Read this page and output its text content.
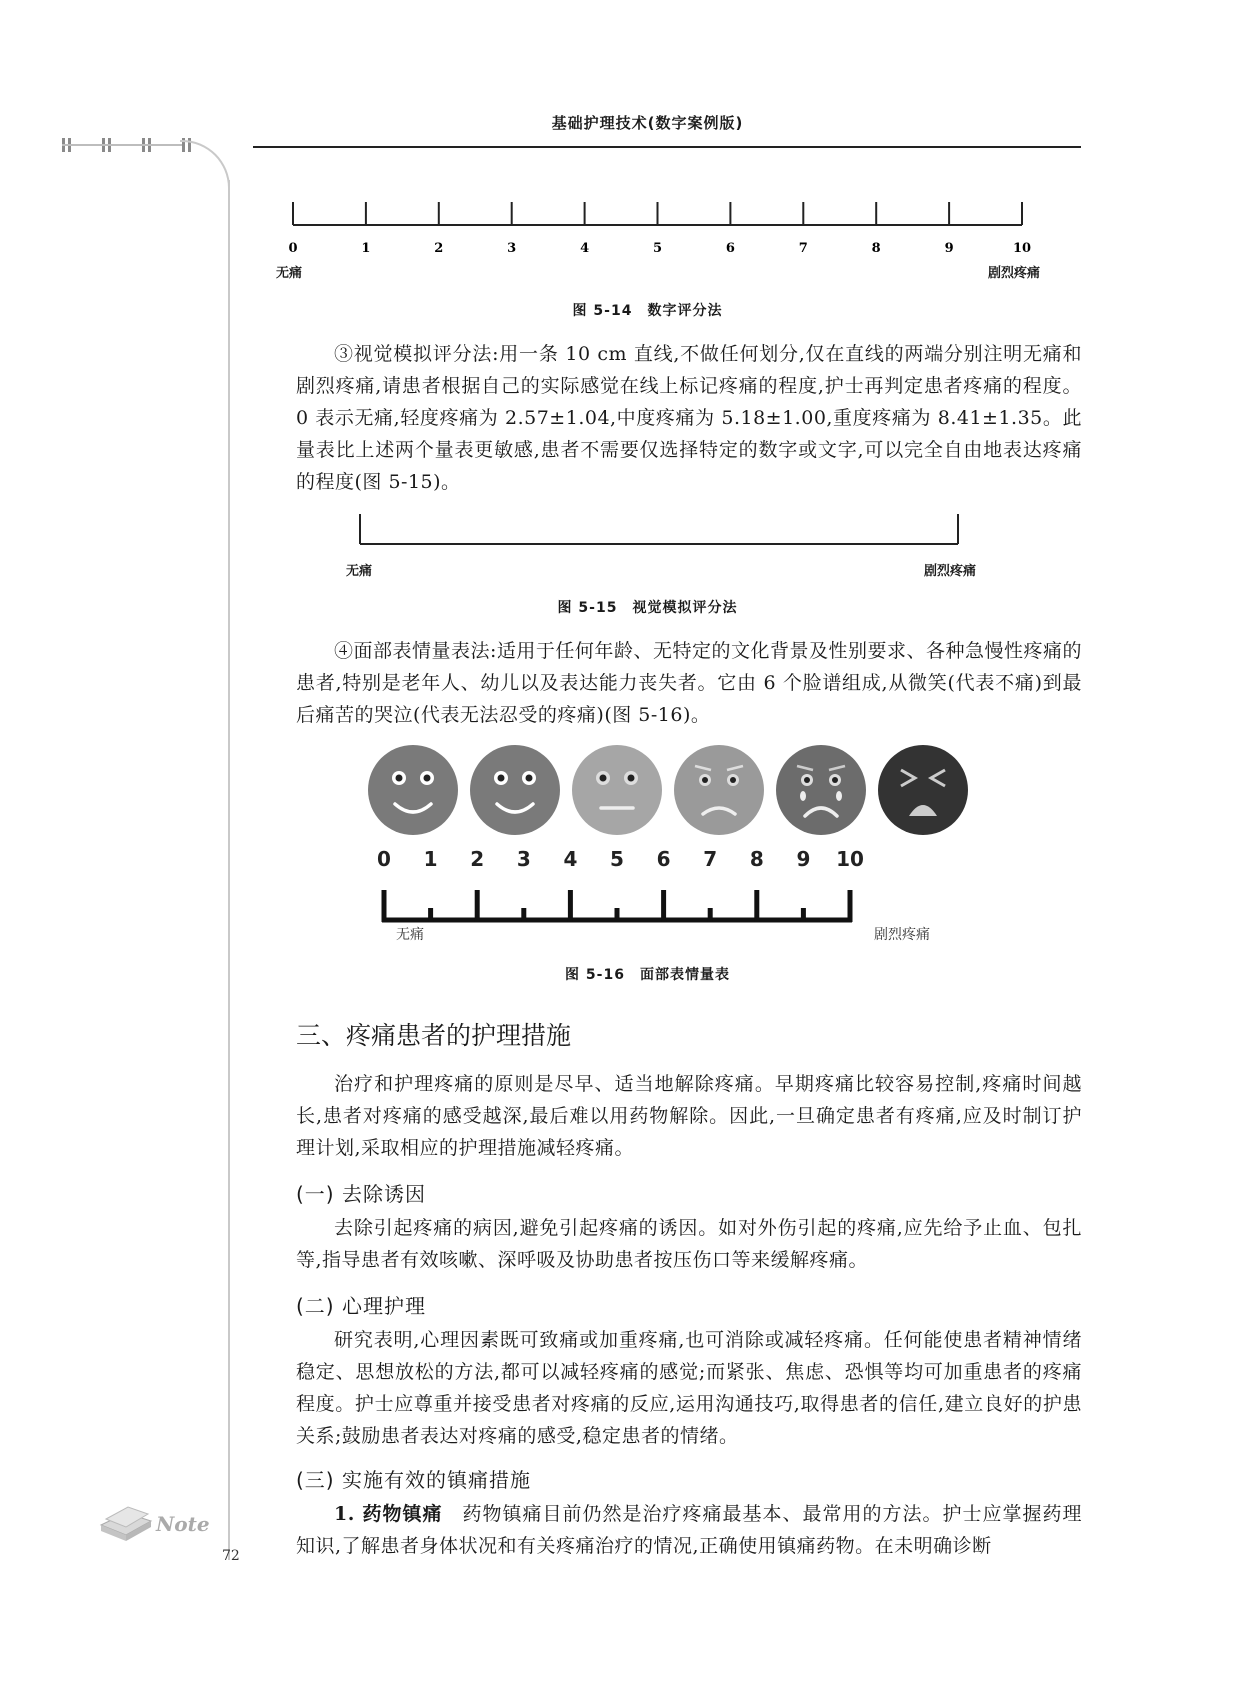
基础护理技术(数字案例版)
0	1	2	3	4	5	6	7	8	9	10
无痛	剧烈疼痛
图 5-14　数字评分法
③视觉模拟评分法:用一条 10 cm 直线,不做任何划分,仅在直线的两端分别注明无痛和剧烈疼痛,请患者根据自己的实际感觉在线上标记疼痛的程度,护士再判定患者疼痛的程度。0 表示无痛,轻度疼痛为 2.57±1.04,中度疼痛为 5.18±1.00,重度疼痛为 8.41±1.35。此量表比上述两个量表更敏感,患者不需要仅选择特定的数字或文字,可以完全自由地表达疼痛的程度(图 5-15)。
无痛	剧烈疼痛
图 5-15　视觉模拟评分法
④面部表情量表法:适用于任何年龄、无特定的文化背景及性别要求、各种急慢性疼痛的患者,特别是老年人、幼儿以及表达能力丧失者。它由 6 个脸谱组成,从微笑(代表不痛)到最后痛苦的哭泣(代表无法忍受的疼痛)(图 5-16)。
0 1 2 3 4 5 6 7 8 9 10
无痛	剧烈疼痛
图 5-16　面部表情量表
三、疼痛患者的护理措施
治疗和护理疼痛的原则是尽早、适当地解除疼痛。早期疼痛比较容易控制,疼痛时间越长,患者对疼痛的感受越深,最后难以用药物解除。因此,一旦确定患者有疼痛,应及时制订护理计划,采取相应的护理措施减轻疼痛。
(一) 去除诱因
去除引起疼痛的病因,避免引起疼痛的诱因。如对外伤引起的疼痛,应先给予止血、包扎等,指导患者有效咳嗽、深呼吸及协助患者按压伤口等来缓解疼痛。
(二) 心理护理
研究表明,心理因素既可致痛或加重疼痛,也可消除或减轻疼痛。任何能使患者精神情绪稳定、思想放松的方法,都可以减轻疼痛的感觉;而紧张、焦虑、恐惧等均可加重患者的疼痛程度。护士应尊重并接受患者对疼痛的反应,运用沟通技巧,取得患者的信任,建立良好的护患关系;鼓励患者表达对疼痛的感受,稳定患者的情绪。
(三) 实施有效的镇痛措施
1. 药物镇痛　 药物镇痛目前仍然是治疗疼痛最基本、最常用的方法。护士应掌握药理知识,了解患者身体状况和有关疼痛治疗的情况,正确使用镇痛药物。在未明确诊断
Note
72
